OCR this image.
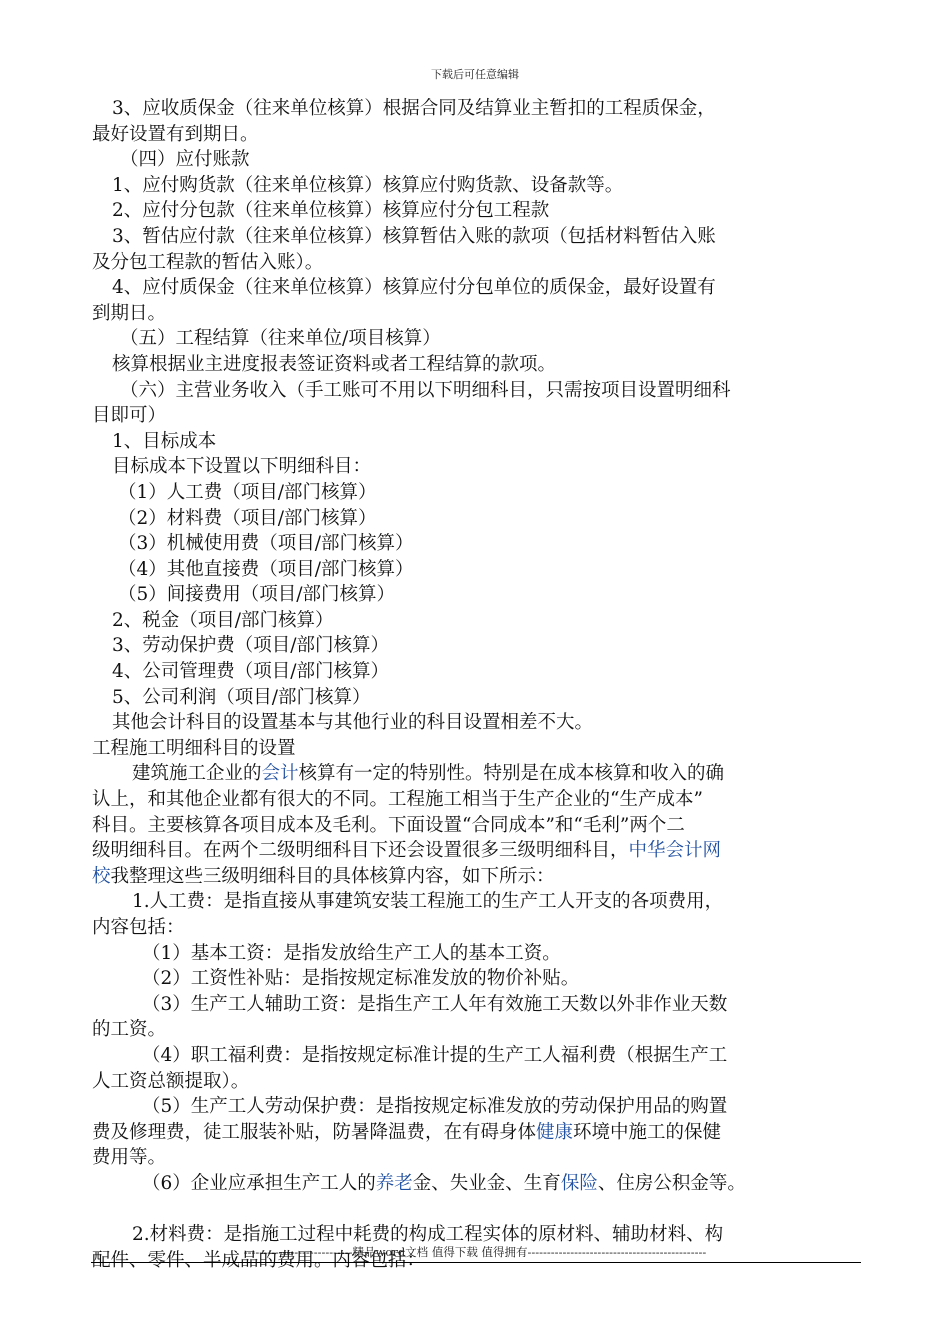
下载后可任意编辑

3、应收质保金（往来单位核算）根据合同及结算业主暂扣的工程质保金，

最好设置有到期日。

（四）应付账款

1、应付购货款（往来单位核算）核算应付购货款、设备款等。

2、应付分包款（往来单位核算）核算应付分包工程款

3、暂估应付款（往来单位核算）核算暂估入账的款项（包括材料暂估入账

及分包工程款的暂估入账）。

4、应付质保金（往来单位核算）核算应付分包单位的质保金，最好设置有

到期日。

（五）工程结算（往来单位/项目核算）

核算根据业主进度报表签证资料或者工程结算的款项。

（六）主营业务收入（手工账可不用以下明细科目，只需按项目设置明细科

目即可）

1、目标成本

目标成本下设置以下明细科目：

（1）人工费（项目/部门核算）

（2）材料费（项目/部门核算）

（3）机械使用费（项目/部门核算）

（4）其他直接费（项目/部门核算）

（5）间接费用（项目/部门核算）

2、税金（项目/部门核算）

3、劳动保护费（项目/部门核算）

4、公司管理费（项目/部门核算）

5、公司利润（项目/部门核算）

其他会计科目的设置基本与其他行业的科目设置相差不大。

工程施工明细科目的设置

建筑施工企业的会计核算有一定的特别性。特别是在成本核算和收入的确

认上，和其他企业都有很大的不同。工程施工相当于生产企业的“生产成本”

科目。主要核算各项目成本及毛利。下面设置“合同成本”和“毛利”两个二

级明细科目。在两个二级明细科目下还会设置很多三级明细科目，中华会计网

校我整理这些三级明细科目的具体核算内容，如下所示：

1.人工费：是指直接从事建筑安装工程施工的生产工人开支的各项费用，

内容包括：

（1）基本工资：是指发放给生产工人的基本工资。

（2）工资性补贴：是指按规定标准发放的物价补贴。

（3）生产工人辅助工资：是指生产工人年有效施工天数以外非作业天数

的工资。

（4）职工福利费：是指按规定标准计提的生产工人福利费（根据生产工

人工资总额提取）。

（5）生产工人劳动保护费：是指按规定标准发放的劳动保护用品的购置

费及修理费，徒工服装补贴，防暑降温费，在有碍身体健康环境中施工的保健

费用等。

（6）企业应承担生产工人的养老金、失业金、生育保险、住房公积金等。

2.材料费：是指施工过程中耗费的构成工程实体的原材料、辅助材料、构

配件、零件、半成品的费用。内容包括：

----------------------------精品word文档 值得下载 值得拥有----------------------------------------------
